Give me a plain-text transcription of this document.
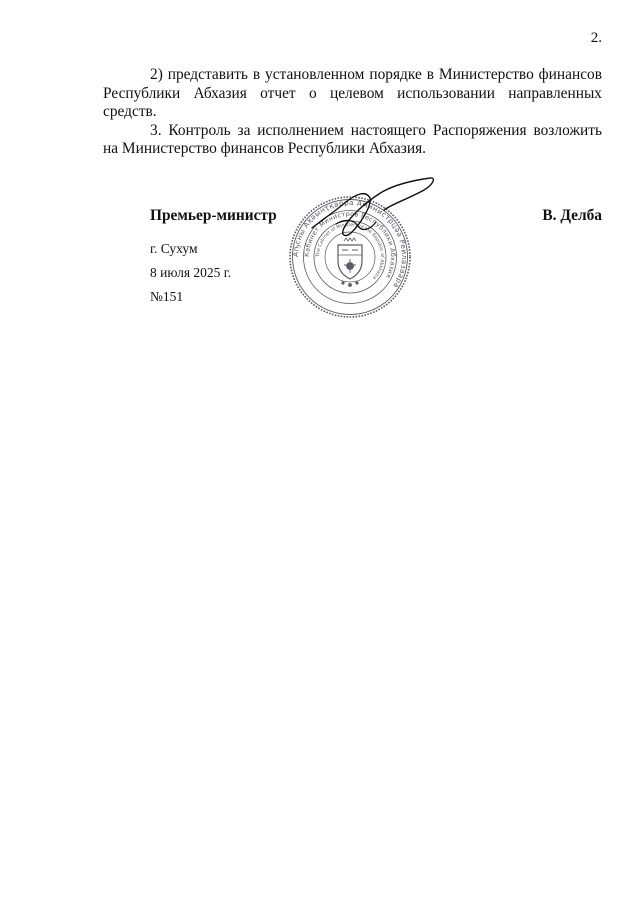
2.

2) представить в установленном порядке в Министерство финансов Республики Абхазия отчет о целевом использовании направленных средств.

3. Контроль за исполнением настоящего Распоряжения возложить на Министерство финансов Республики Абхазия.

Премьер-министр	В. Делба
г. Сухум
8 июля 2025 г.
№151
Аҧсны Аҳәынҭқарра Аминистрцәа Реилазаара
Кабинет Министров Республики Абхазия
The Cabinet of Ministers of the Republic of Abkhazia
